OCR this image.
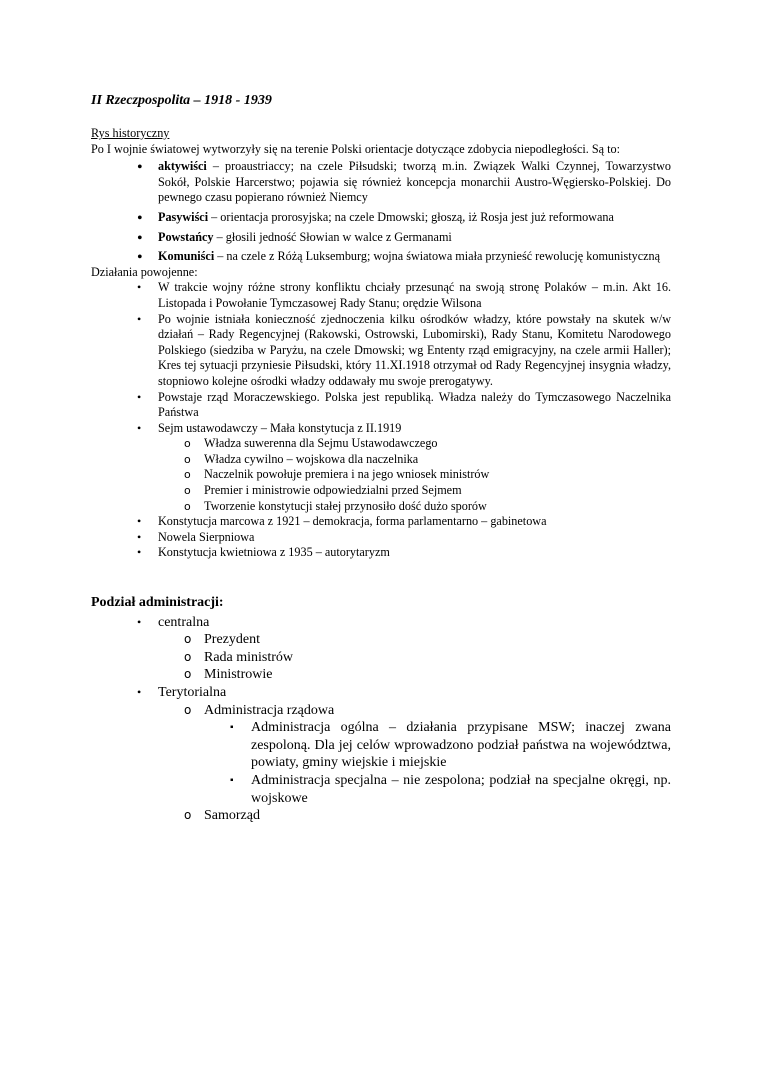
II Rzeczpospolita – 1918 - 1939

Rys historyczny

Po I wojnie światowej wytworzyły się na terenie Polski orientacje dotyczące zdobycia niepodległości. Są to:

• aktywiści – proaustriaccy; na czele Piłsudski; tworzą m.in. Związek Walki Czynnej, Towarzystwo Sokół, Polskie Harcerstwo; pojawia się również koncepcja monarchii Austro-Węgiersko-Polskiej. Do pewnego czasu popierano również Niemcy
• Pasywiści – orientacja prorosyjska; na czele Dmowski; głoszą, iż Rosja jest już reformowana
• Powstańcy – głosili jedność Słowian w walce z Germanami
• Komuniści – na czele z Różą Luksemburg; wojna światowa miała przynieść rewolucję komunistyczną

Działania powojenne:

• W trakcie wojny różne strony konfliktu chciały przesunąć na swoją stronę Polaków – m.in. Akt 16. Listopada i Powołanie Tymczasowej Rady Stanu; orędzie Wilsona
• Po wojnie istniała konieczność zjednoczenia kilku ośrodków władzy, które powstały na skutek w/w działań – Rady Regencyjnej (Rakowski, Ostrowski, Lubomirski), Rady Stanu, Komitetu Narodowego Polskiego (siedziba w Paryżu, na czele Dmowski; wg Ententy rząd emigracyjny, na czele armii Haller); Kres tej sytuacji przyniesie Piłsudski, który 11.XI.1918 otrzymał od Rady Regencyjnej insygnia władzy, stopniowo kolejne ośrodki władzy oddawały mu swoje prerogatywy.
• Powstaje rząd Moraczewskiego. Polska jest republiką. Władza należy do Tymczasowego Naczelnika Państwa
• Sejm ustawodawczy – Mała konstytucja z II.1919
o Władza suwerenna dla Sejmu Ustawodawczego
o Władza cywilno – wojskowa dla naczelnika
o Naczelnik powołuje premiera i na jego wniosek ministrów
o Premier i ministrowie odpowiedzialni przed Sejmem
o Tworzenie konstytucji stałej przynosiło dość dużo sporów
• Konstytucja marcowa z 1921 – demokracja, forma parlamentarno – gabinetowa
• Nowela Sierpniowa
• Konstytucja kwietniowa z 1935 – autorytaryzm
Podział administracji:
• centralna
o Prezydent
o Rada ministrów
o Ministrowie
• Terytorialna
o Administracja rządowa

▪ Administracja ogólna – działania przypisane MSW; inaczej zwana zespoloną. Dla jej celów wprowadzono podział państwa na województwa, powiaty, gminy wiejskie i miejskie

▪ Administracja specjalna – nie zespolona; podział na specjalne okręgi, np. wojskowe

o Samorząd
